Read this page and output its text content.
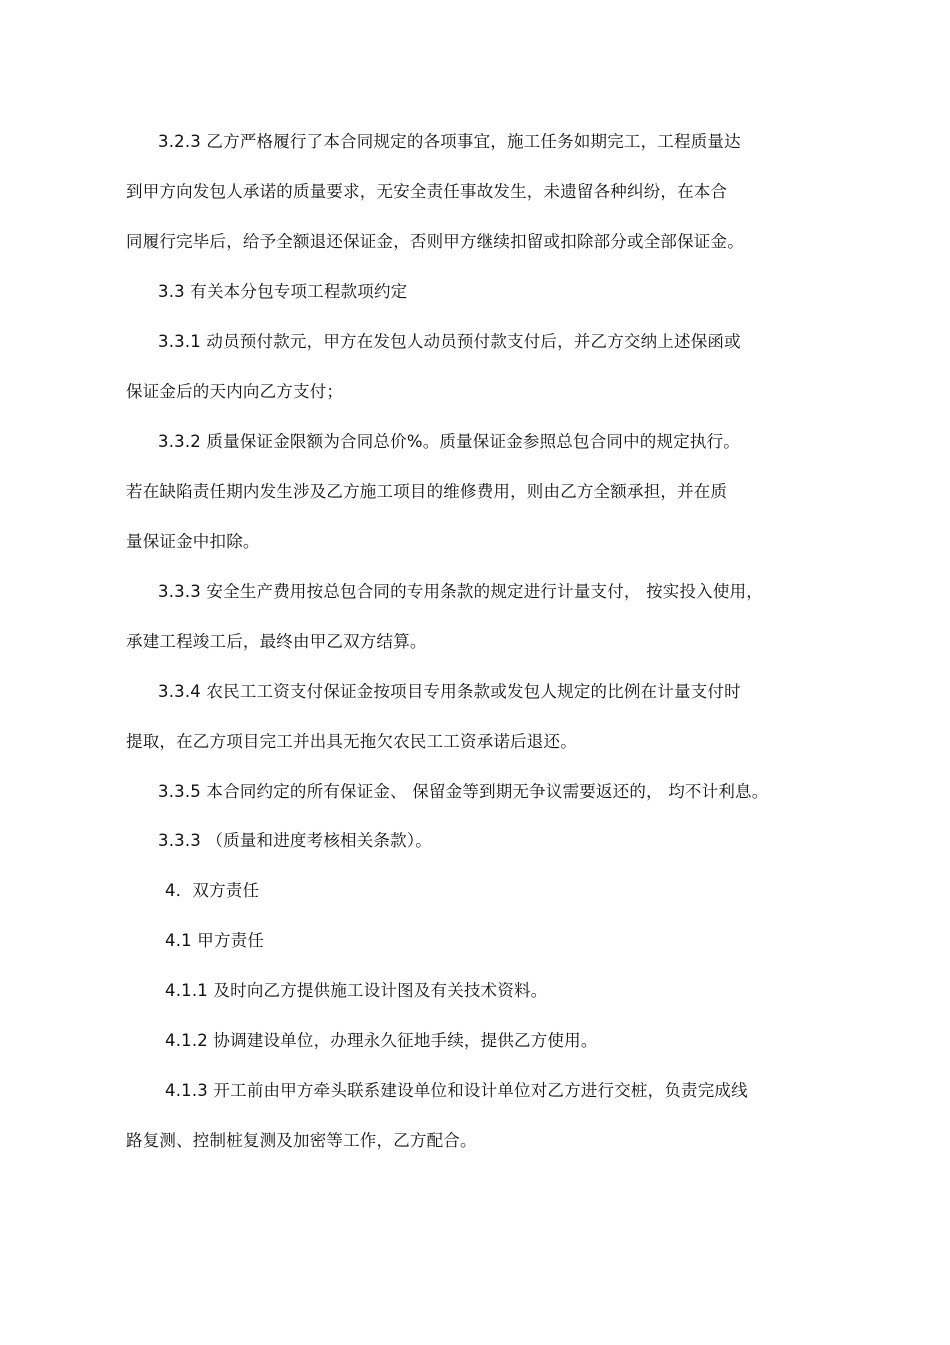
3.2.3 乙方严格履行了本合同规定的各项事宜，施工任务如期完工，工程质量达
到甲方向发包人承诺的质量要求，无安全责任事故发生，未遗留各种纠纷，在本合
同履行完毕后，给予全额退还保证金，否则甲方继续扣留或扣除部分或全部保证金。
3.3 有关本分包专项工程款项约定
3.3.1 动员预付款元，甲方在发包人动员预付款支付后，并乙方交纳上述保函或
保证金后的天内向乙方支付；
3.3.2 质量保证金限额为合同总价%。质量保证金参照总包合同中的规定执行。
若在缺陷责任期内发生涉及乙方施工项目的维修费用，则由乙方全额承担，并在质
量保证金中扣除。
3.3.3 安全生产费用按总包合同的专用条款的规定进行计量支付， 按实投入使用，
承建工程竣工后，最终由甲乙双方结算。
3.3.4 农民工工资支付保证金按项目专用条款或发包人规定的比例在计量支付时
提取，在乙方项目完工并出具无拖欠农民工工资承诺后退还。
3.3.5 本合同约定的所有保证金、 保留金等到期无争议需要返还的， 均不计利息。
3.3.3 （质量和进度考核相关条款）。
4．双方责任
4.1 甲方责任
4.1.1 及时向乙方提供施工设计图及有关技术资料。
4.1.2 协调建设单位，办理永久征地手续，提供乙方使用。
4.1.3 开工前由甲方牵头联系建设单位和设计单位对乙方进行交桩，负责完成线
路复测、控制桩复测及加密等工作，乙方配合。
